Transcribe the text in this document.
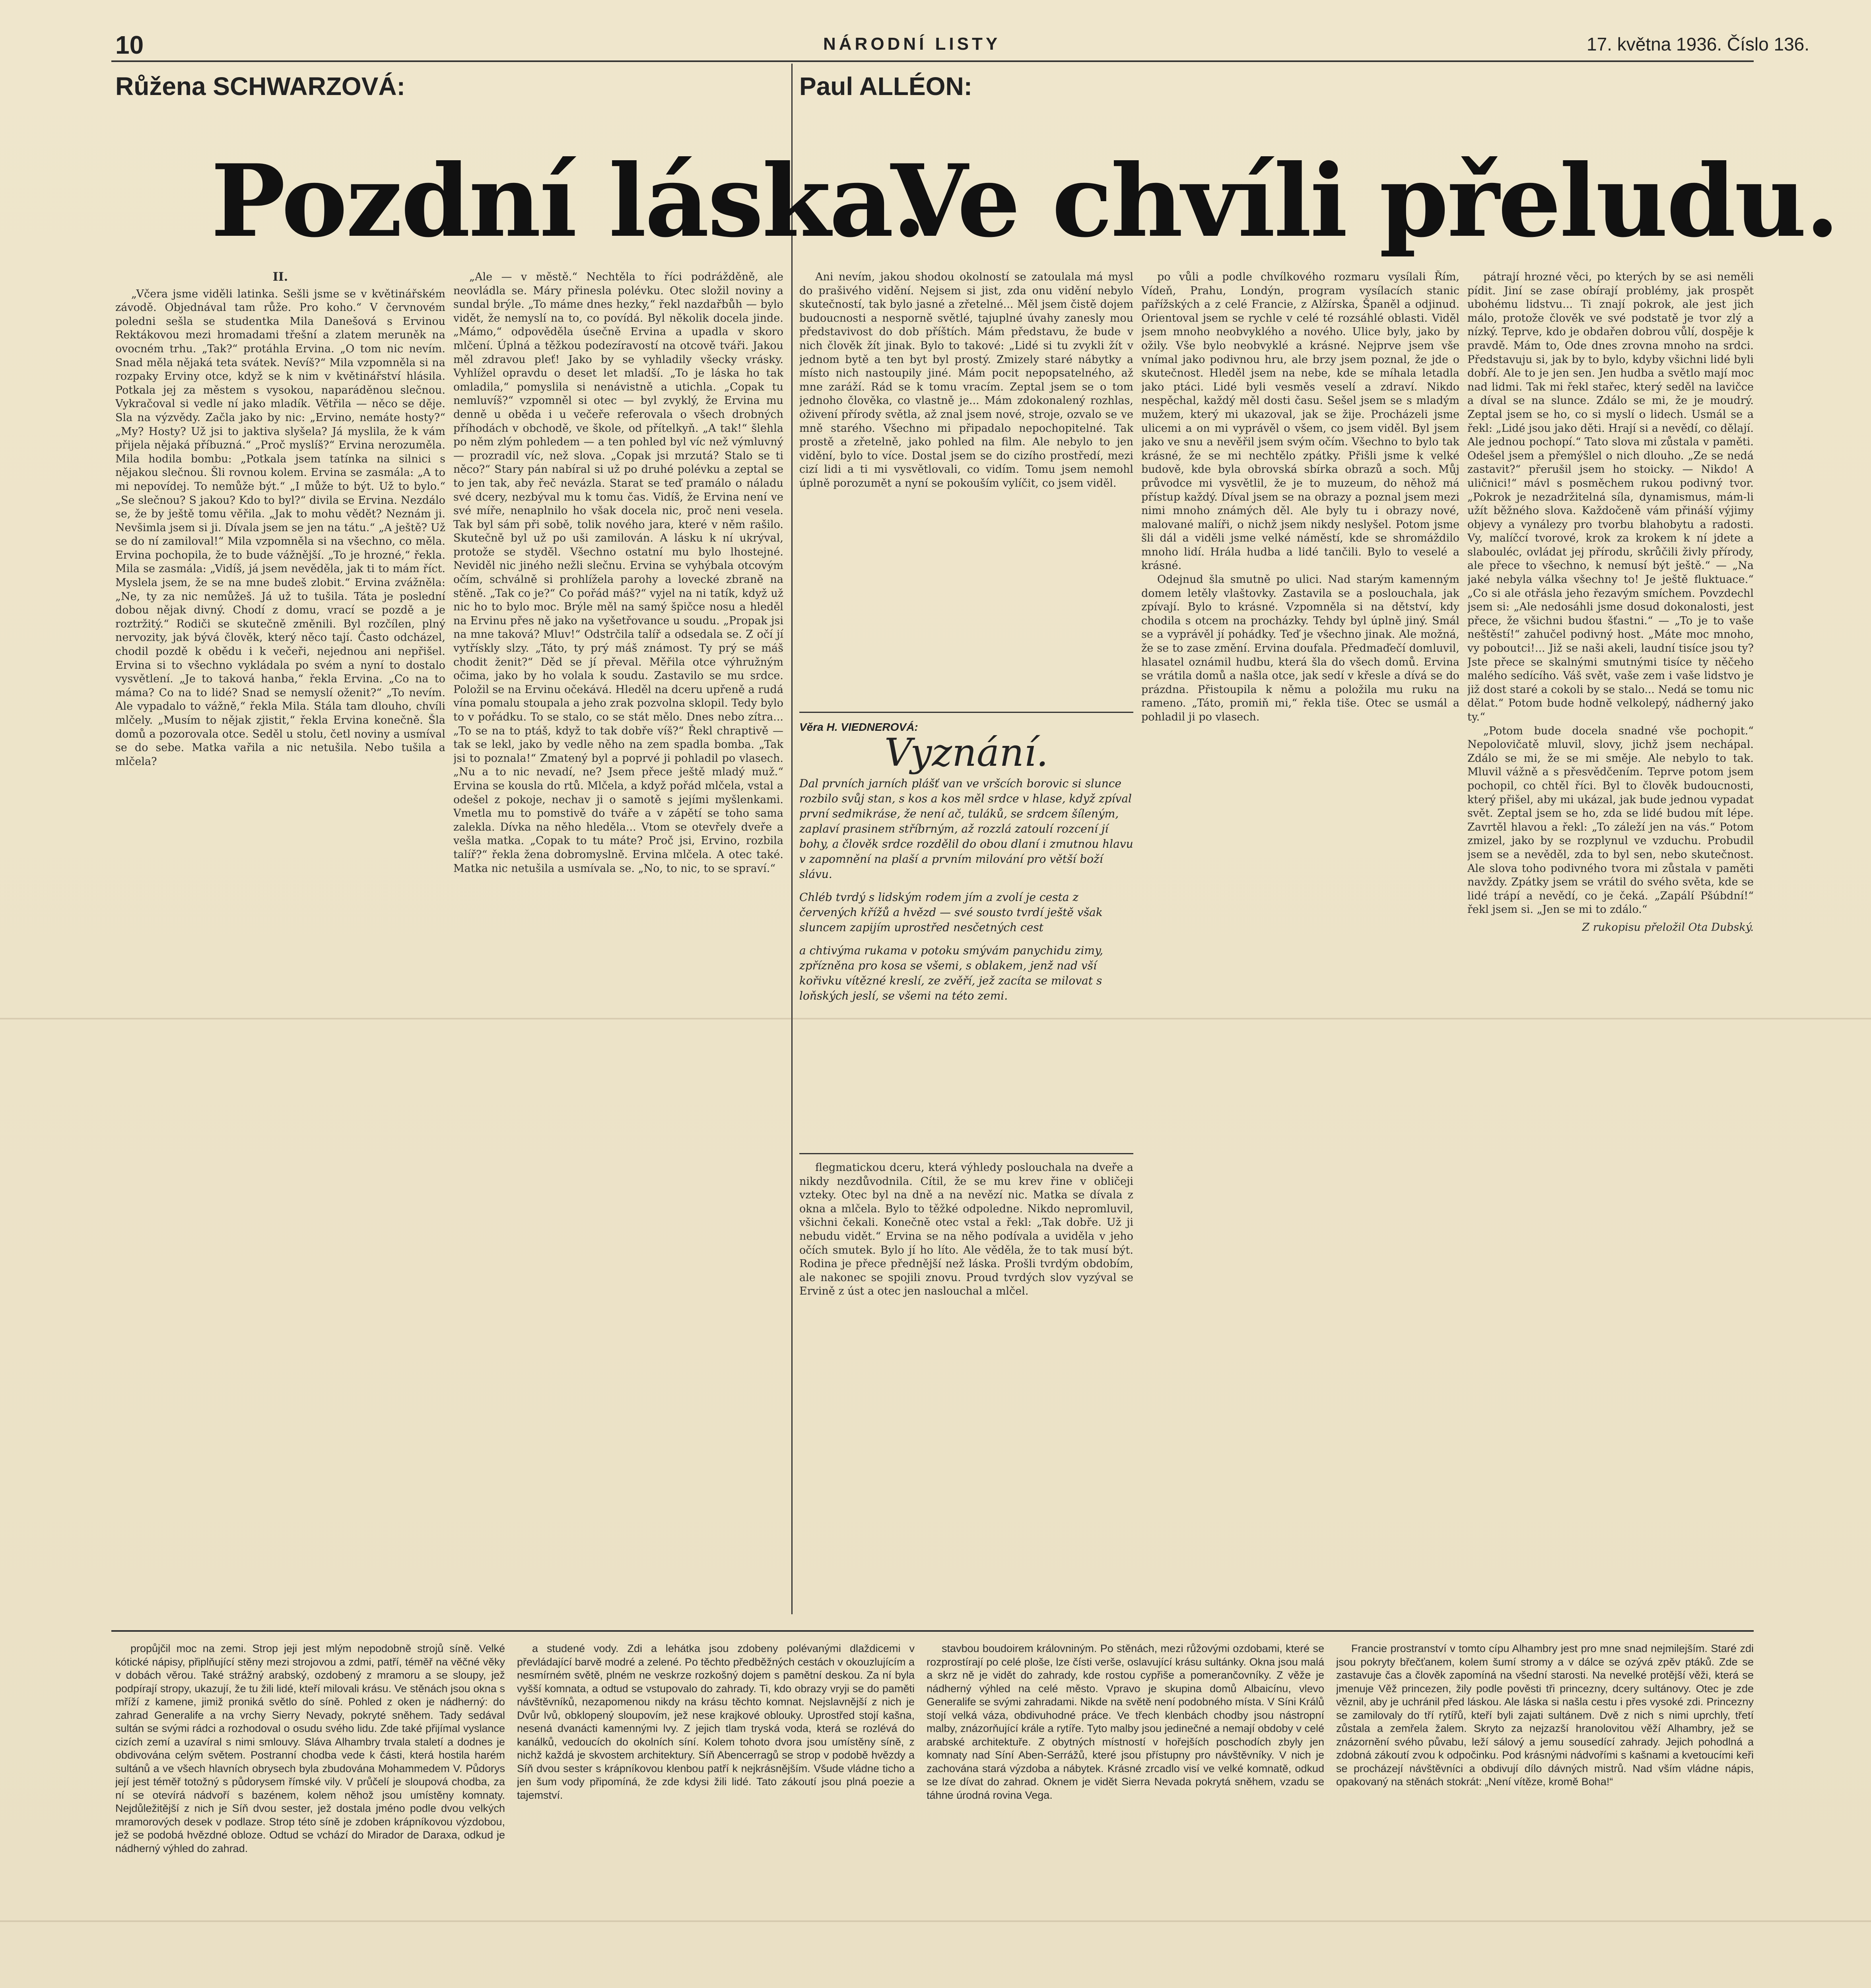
10	NÁRODNÍ LISTY	17. května 1936. Číslo 136.
Růžena SCHWARZOVÁ:
Pozdní láska.
Paul ALLÉON:
Ve chvíli přeludu.
II.

„Včera jsme viděli latinka. Sešli jsme se v květinářském závodě. Objednával tam růže. Pro koho.“ V červnovém poledni sešla se studentka Mila Danešová s Ervinou Rektákovou mezi hromadami třešní a zlatem meruněk na ovocném trhu. „Tak?“ protáhla Ervina. „O tom nic nevím. Snad měla nějaká teta svátek. Nevíš?“ Mila vzpomněla si na rozpaky Erviny otce, když se k nim v květinářství hlásila. Potkala jej za městem s vysokou, naparáděnou slečnou. Vykračoval si vedle ní jako mladík. Větřila — něco se děje. Sla na výzvědy. Začla jako by nic: „Ervino, nemáte hosty?“ „My? Hosty? Už jsi to jaktiva slyšela? Já myslila, že k vám přijela nějaká příbuzná.“ „Proč myslíš?“ Ervina nerozuměla. Mila hodila bombu: „Potkala jsem tatínka na silnici s nějakou slečnou. Šli rovnou kolem. Ervina se zasmála: „A to mi nepovídej. To nemůže být.“ „I může to být. Už to bylo.“ „Se slečnou? S jakou? Kdo to byl?“ divila se Ervina. Nezdálo se, že by ještě tomu věřila. „Jak to mohu vědět? Neznám ji. Nevšimla jsem si ji. Dívala jsem se jen na tátu.“ „A ještě? Už se do ní zamiloval!“ Mila vzpomněla si na všechno, co měla. Ervina pochopila, že to bude vážnější. „To je hrozné,“ řekla. Mila se zasmála: „Vidíš, já jsem nevěděla, jak ti to mám říct. Myslela jsem, že se na mne budeš zlobit.“ Ervina zvážněla: „Ne, ty za nic nemůžeš. Já už to tušila. Táta je poslední dobou nějak divný. Chodí z domu, vrací se pozdě a je roztržitý.“ Rodiči se skutečně změnili. Byl rozčílen, plný nervozity, jak bývá člověk, který něco tají. Často odcházel, chodil pozdě k obědu i k večeři, nejednou ani nepřišel. Ervina si to všechno vykládala po svém a nyní to dostalo vysvětlení. „Je to taková hanba,“ řekla Ervina. „Co na to máma? Co na to lidé? Snad se nemyslí oženit?“ „To nevím. Ale vypadalo to vážně,“ řekla Mila. Stála tam dlouho, chvíli mlčely. „Musím to nějak zjistit,“ řekla Ervina konečně. Šla domů a pozorovala otce. Seděl u stolu, četl noviny a usmíval se do sebe. Matka vařila a nic netušila. Nebo tušila a mlčela?

„Ale — v městě.“ Nechtěla to říci podrážděně, ale neovládla se. Máry přinesla polévku. Otec složil noviny a sundal brýle. „To máme dnes hezky,“ řekl nazdařbůh — bylo vidět, že nemyslí na to, co povídá. Byl několik docela jinde. „Mámo,“ odpověděla úsečně Ervina a upadla v skoro mlčení. Úplná a těžkou podezíravostí na otcově tváři. Jakou měl zdravou pleť! Jako by se vyhladily všecky vrásky. Vyhlížel opravdu o deset let mladší. „To je láska ho tak omladila,“ pomyslila si nenávistně a utichla. „Copak tu nemluvíš?“ vzpomněl si otec — byl zvyklý, že Ervina mu denně u oběda i u večeře referovala o všech drobných příhodách v obchodě, ve škole, od přítelkyň. „A tak!“ šlehla po něm zlým pohledem — a ten pohled byl víc než výmluvný — prozradil víc, než slova. „Copak jsi mrzutá? Stalo se ti něco?“ Stary pán nabíral si už po druhé polévku a zeptal se to jen tak, aby řeč nevázla. Starat se teď pramálo o náladu své dcery, nezbýval mu k tomu čas. Vidíš, že Ervina není ve své míře, nenaplnilo ho však docela nic, proč neni vesela. Tak byl sám při sobě, tolik nového jara, které v něm rašilo. Skutečně byl už po uši zamilován. A lásku k ní ukrýval, protože se styděl. Všechno ostatní mu bylo lhostejné. Neviděl nic jiného nežli slečnu. Ervina se vyhýbala otcovým očím, schválně si prohlížela parohy a lovecké zbraně na stěně. „Tak co je?“ Co pořád máš?“ vyjel na ni tatík, když už nic ho to bylo moc. Brýle měl na samý špičce nosu a hleděl na Ervinu přes ně jako na vyšetřovance u soudu. „Propak jsi na mne taková? Mluv!“ Odstrčila talíř a odsedala se. Z očí jí vytřískly slzy. „Táto, ty prý máš známost. Ty prý se máš chodit ženit?“ Děd se jí převal. Měřila otce výhružným očima, jako by ho volala k soudu. Zastavilo se mu srdce. Položil se na Ervinu očekává. Hleděl na dceru upřeně a rudá vína pomalu stoupala a jeho zrak pozvolna sklopil. Tedy bylo to v pořádku. To se stalo, co se stát mělo. Dnes nebo zítra... „To se na to ptáš, když to tak dobře víš?“ Řekl chraptivě — tak se lekl, jako by vedle něho na zem spadla bomba. „Tak jsi to poznala!“ Zmatený byl a poprvé ji pohladil po vlasech. „Nu a to nic nevadí, ne? Jsem přece ještě mladý muž.“ Ervina se kousla do rtů. Mlčela, a když pořád mlčela, vstal a odešel z pokoje, nechav ji o samotě s jejími myšlenkami. Vmetla mu to pomstivě do tváře a v zápětí se toho sama zalekla. Dívka na něho hleděla... Vtom se otevřely dveře a vešla matka. „Copak to tu máte? Proč jsi, Ervino, rozbila talíř?“ řekla žena dobromyslně. Ervina mlčela. A otec také. Matka nic netušila a usmívala se. „No, to nic, to se spraví.“

Ani nevím, jakou shodou okolností se zatoulala má mysl do prašivého vidění. Nejsem si jist, zda onu vidění nebylo skutečností, tak bylo jasné a zřetelné... Měl jsem čistě dojem budoucnosti a nesporně světlé, tajuplné úvahy zanesly mou představivost do dob příštích. Mám představu, že bude v nich člověk žít jinak. Bylo to takové: „Lidé si tu zvykli žít v jednom bytě a ten byt byl prostý. Zmizely staré nábytky a místo nich nastoupily jiné. Mám pocit nepopsatelného, až mne zaráží. Rád se k tomu vracím. Zeptal jsem se o tom jednoho člověka, co vlastně je... Mám zdokonalený rozhlas, oživení přírody světla, až znal jsem nové, stroje, ozvalo se ve mně starého. Všechno mi připadalo nepochopitelné. Tak prostě a zřetelně, jako pohled na film. Ale nebylo to jen vidění, bylo to více. Dostal jsem se do cizího prostředí, mezi cizí lidi a ti mi vysvětlovali, co vidím. Tomu jsem nemohl úplně porozumět a nyní se pokouším vylíčit, co jsem viděl.

Věra H. VIEDNEROVÁ:
Vyznání.

Dal prvních jarních plášť van ve vršcích borovic si slunce rozbilo svůj stan, s kos a kos měl srdce v hlase, když zpíval první sedmikráse, že není ač, tuláků, se srdcem šíleným, zaplaví prasinem stříbrným, až rozzlá zatoulí rozcení jí bohy, a člověk srdce rozdělil do obou dlaní i zmutnou hlavu v zapomnění na plaší a prvním milování pro větší boží slávu.

Chléb tvrdý s lidským rodem jím a zvolí je cesta z červených křížů a hvězd — své sousto tvrdí ještě však sluncem zapijím uprostřed nesčetných cest

a chtivýma rukama v potoku smývám panychidu zimy, zpřízněna pro kosa se všemi, s oblakem, jenž nad vší kořivku vítězné kreslí, ze zvěří, jež zacíta se milovat s loňských jeslí, se všemi na této zemi.

flegmatickou dceru, která výhledy poslouchala na dveře a nikdy nezdůvodnila. Cítil, že se mu krev řine v obličeji vzteky. Otec byl na dně a na nevězí nic. Matka se dívala z okna a mlčela. Bylo to těžké odpoledne. Nikdo nepromluvil, všichni čekali. Konečně otec vstal a řekl: „Tak dobře. Už ji nebudu vidět.“ Ervina se na něho podívala a uviděla v jeho očích smutek. Bylo jí ho líto. Ale věděla, že to tak musí být. Rodina je přece přednější než láska. Prošli tvrdým obdobím, ale nakonec se spojili znovu. Proud tvrdých slov vyzýval se Ervině z úst a otec jen naslouchal a mlčel.

po vůli a podle chvílkového rozmaru vysílali Řím, Vídeň, Prahu, Londýn, program vysílacích stanic pařížských a z celé Francie, z Alžírska, Španěl a odjinud. Orientoval jsem se rychle v celé té rozsáhlé oblasti. Viděl jsem mnoho neobvyklého a nového. Ulice byly, jako by ožily. Vše bylo neobvyklé a krásné. Nejprve jsem vše vnímal jako podivnou hru, ale brzy jsem poznal, že jde o skutečnost. Hleděl jsem na nebe, kde se míhala letadla jako ptáci. Lidé byli vesměs veselí a zdraví. Nikdo nespěchal, každý měl dosti času. Sešel jsem se s mladým mužem, který mi ukazoval, jak se žije. Procházeli jsme ulicemi a on mi vyprávěl o všem, co jsem viděl. Byl jsem jako ve snu a nevěřil jsem svým očím. Všechno to bylo tak krásné, že se mi nechtělo zpátky. Přišli jsme k velké budově, kde byla obrovská sbírka obrazů a soch. Můj průvodce mi vysvětlil, že je to muzeum, do něhož má přístup každý. Díval jsem se na obrazy a poznal jsem mezi nimi mnoho známých děl. Ale byly tu i obrazy nové, malované malíři, o nichž jsem nikdy neslyšel. Potom jsme šli dál a viděli jsme velké náměstí, kde se shromáždilo mnoho lidí. Hrála hudba a lidé tančili. Bylo to veselé a krásné.

Odejnud šla smutně po ulici. Nad starým kamenným domem letěly vlaštovky. Zastavila se a poslouchala, jak zpívají. Bylo to krásné. Vzpomněla si na dětství, kdy chodila s otcem na procházky. Tehdy byl úplně jiný. Smál se a vyprávěl jí pohádky. Teď je všechno jinak. Ale možná, že se to zase změní. Ervina doufala. Předmaďečí domluvil, hlasatel oznámil hudbu, která šla do všech domů. Ervina se vrátila domů a našla otce, jak sedí v křesle a dívá se do prázdna. Přistoupila k němu a položila mu ruku na rameno. „Táto, promiň mi,“ řekla tiše. Otec se usmál a pohladil ji po vlasech.

pátrají hrozné věci, po kterých by se asi neměli pídit. Jiní se zase obírají problémy, jak prospět ubohému lidstvu... Ti znají pokrok, ale jest jich málo, protože člověk ve své podstatě je tvor zlý a nízký. Teprve, kdo je obdařen dobrou vůlí, dospěje k pravdě. Mám to, Ode dnes zrovna mnoho na srdci. Představuju si, jak by to bylo, kdyby všichni lidé byli dobří. Ale to je jen sen. Jen hudba a světlo mají moc nad lidmi. Tak mi řekl stařec, který seděl na lavičce a díval se na slunce. Zdálo se mi, že je moudrý. Zeptal jsem se ho, co si myslí o lidech. Usmál se a řekl: „Lidé jsou jako děti. Hrají si a nevědí, co dělají. Ale jednou pochopí.“ Tato slova mi zůstala v paměti. Odešel jsem a přemýšlel o nich dlouho. „Ze se nedá zastavit?“ přerušil jsem ho stoicky. — Nikdo! A uličnici!“ mávl s posměchem rukou podivný tvor. „Pokrok je nezadržitelná síla, dynamismus, mám-li užít běžného slova. Každočeně vám přináší výjimy objevy a vynálezy pro tvorbu blahobytu a radosti. Vy, malíčcí tvorové, krok za krokem k ní jdete a slabouléc, ovládat jej přírodu, skrůčili živly přírody, ale přece to všechno, k nemusí být ještě.“ — „Na jaké nebyla válka všechny to! Je ještě fluktuace.“ „Co si ale otřásla jeho řezavým smíchem. Povzdechl jsem si: „Ale nedosáhli jsme dosud dokonalosti, jest přece, že všichni budou šťastni.“ — „To je to vaše neštěstí!“ zahučel podivný host. „Máte moc mnoho, vy poboutci!... Již se naši akeli, laudní tisíce jsou ty? Jste přece se skalnými smutnými tisíce ty něčeho malého sedícího. Váš svět, vaše zem i vaše lidstvo je již dost staré a cokoli by se stalo... Nedá se tomu nic dělat.“ Potom bude hodně velkolepý, nádherný jako ty.“

„Potom bude docela snadné vše pochopit.“ Nepolovičatě mluvil, slovy, jichž jsem nechápal. Zdálo se mi, že se mi směje. Ale nebylo to tak. Mluvil vážně a s přesvědčením. Teprve potom jsem pochopil, co chtěl říci. Byl to člověk budoucnosti, který přišel, aby mi ukázal, jak bude jednou vypadat svět. Zeptal jsem se ho, zda se lidé budou mít lépe. Zavrtěl hlavou a řekl: „To záleží jen na vás.“ Potom zmizel, jako by se rozplynul ve vzduchu. Probudil jsem se a nevěděl, zda to byl sen, nebo skutečnost. Ale slova toho podivného tvora mi zůstala v paměti navždy. Zpátky jsem se vrátil do svého světa, kde se lidé trápí a nevědí, co je čeká. „Zapálí Pšúbdní!“ řekl jsem si. „Jen se mi to zdálo.“

Z rukopisu přeložil Ota Dubský.

propůjčil moc na zemi. Strop jeji jest mlým nepodobně strojů síně. Velké kótické nápisy, připlňující stěny mezi strojovou a zdmi, patří, téměř na věčné věky v dobách věrou. Také strážný arabský, ozdobený z mramoru a se sloupy, jež podpírají stropy, ukazují, že tu žili lidé, kteří milovali krásu. Ve stěnách jsou okna s mříží z kamene, jimiž proniká světlo do síně. Pohled z oken je nádherný: do zahrad Generalife a na vrchy Sierry Nevady, pokryté sněhem. Tady sedával sultán se svými rádci a rozhodoval o osudu svého lidu. Zde také přijímal vyslance cizích zemí a uzavíral s nimi smlouvy. Sláva Alhambry trvala staletí a dodnes je obdivována celým světem. Postranní chodba vede k části, která hostila harém sultánů a ve všech hlavních obrysech byla zbudována Mohammedem V. Půdorys její jest téměř totožný s půdorysem římské vily. V průčelí je sloupová chodba, za ní se otevírá nádvoří s bazénem, kolem něhož jsou umístěny komnaty. Nejdůležitější z nich je Síň dvou sester, jež dostala jméno podle dvou velkých mramorových desek v podlaze. Strop této síně je zdoben krápníkovou výzdobou, jež se podobá hvězdné obloze. Odtud se vchází do Mirador de Daraxa, odkud je nádherný výhled do zahrad.

a studené vody. Zdi a lehátka jsou zdobeny polévanými dlaždicemi v převládající barvě modré a zelené. Po těchto předběžných cestách v okouzlujícím a nesmírném světě, plném ne veskrze rozkošný dojem s pamětní deskou. Za ní byla vyšší komnata, a odtud se vstupovalo do zahrady. Ti, kdo obrazy vryji se do paměti návštěvníků, nezapomenou nikdy na krásu těchto komnat. Nejslavnější z nich je Dvůr lvů, obklopený sloupovím, jež nese krajkové oblouky. Uprostřed stojí kašna, nesená dvanácti kamennými lvy. Z jejich tlam tryská voda, která se rozlévá do kanálků, vedoucích do okolních síní. Kolem tohoto dvora jsou umístěny síně, z nichž každá je skvostem architektury. Síň Abencerragů se strop v podobě hvězdy a Síň dvou sester s krápníkovou klenbou patří k nejkrásnějším. Všude vládne ticho a jen šum vody připomíná, že zde kdysi žili lidé. Tato zákoutí jsou plná poezie a tajemství.

stavbou boudoirem královniným. Po stěnách, mezi růžovými ozdobami, které se rozprostírají po celé ploše, lze čísti verše, oslavující krásu sultánky. Okna jsou malá a skrz ně je vidět do zahrady, kde rostou cypřiše a pomerančovníky. Z věže je nádherný výhled na celé město. Vpravo je skupina domů Albaicínu, vlevo Generalife se svými zahradami. Nikde na světě není podobného místa. V Síni Králů stojí velká váza, obdivuhodné práce. Ve třech klenbách chodby jsou nástropní malby, znázorňující krále a rytíře. Tyto malby jsou jedinečné a nemají obdoby v celé arabské architektuře. Z obytných místností v hořejších poschodích zbyly jen komnaty nad Síní Aben-Serrážů, které jsou přístupny pro návštěvníky. V nich je zachována stará výzdoba a nábytek. Krásné zrcadlo visí ve velké komnatě, odkud se lze dívat do zahrad. Oknem je vidět Sierra Nevada pokrytá sněhem, vzadu se táhne úrodná rovina Vega.

Francie prostranství v tomto cípu Alhambry jest pro mne snad nejmilejším. Staré zdi jsou pokryty břečťanem, kolem šumí stromy a v dálce se ozývá zpěv ptáků. Zde se zastavuje čas a člověk zapomíná na všední starosti. Na nevelké protější věži, která se jmenuje Věž princezen, žily podle pověsti tři princezny, dcery sultánovy. Otec je zde věznil, aby je uchránil před láskou. Ale láska si našla cestu i přes vysoké zdi. Princezny se zamilovaly do tří rytířů, kteří byli zajati sultánem. Dvě z nich s nimi uprchly, třetí zůstala a zemřela žalem. Skryto za nejzazší hranolovitou věží Alhambry, jež se znázornění svého půvabu, leží sálový a jemu sousedící zahrady. Jejich pohodlná a zdobná zákoutí zvou k odpočinku. Pod krásnými nádvořími s kašnami a kvetoucími keři se procházejí návštěvníci a obdivují dílo dávných mistrů. Nad vším vládne nápis, opakovaný na stěnách stokrát: „Není vítěze, kromě Boha!“
